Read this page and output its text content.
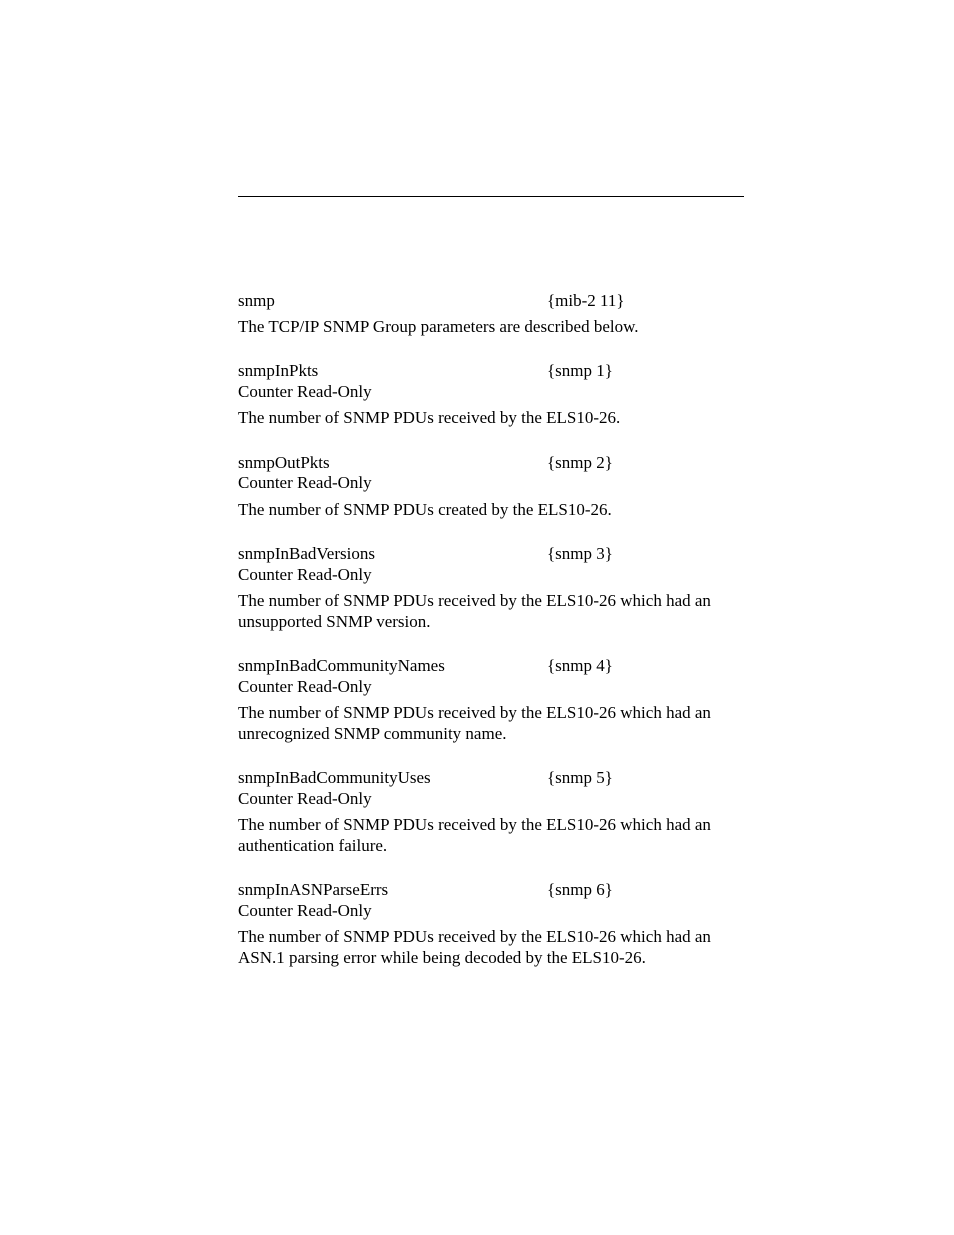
snmp	{mib-2 11}

The TCP/IP SNMP Group parameters are described below.

snmpInPkts	{snmp 1}

Counter Read-Only

The number of SNMP PDUs received by the ELS10-26.

snmpOutPkts	{snmp 2}

Counter Read-Only

The number of SNMP PDUs created by the ELS10-26.

snmpInBadVersions	{snmp 3}

Counter Read-Only

The number of SNMP PDUs received by the ELS10-26 which had an unsupported SNMP version.

snmpInBadCommunityNames	{snmp 4}

Counter Read-Only

The number of SNMP PDUs received by the ELS10-26 which had an unrecognized SNMP community name.

snmpInBadCommunityUses	{snmp 5}

Counter Read-Only

The number of SNMP PDUs received by the ELS10-26 which had an authentication failure.

snmpInASNParseErrs	{snmp 6}

Counter Read-Only

The number of SNMP PDUs received by the ELS10-26 which had an ASN.1 parsing error while being decoded by the ELS10-26.
